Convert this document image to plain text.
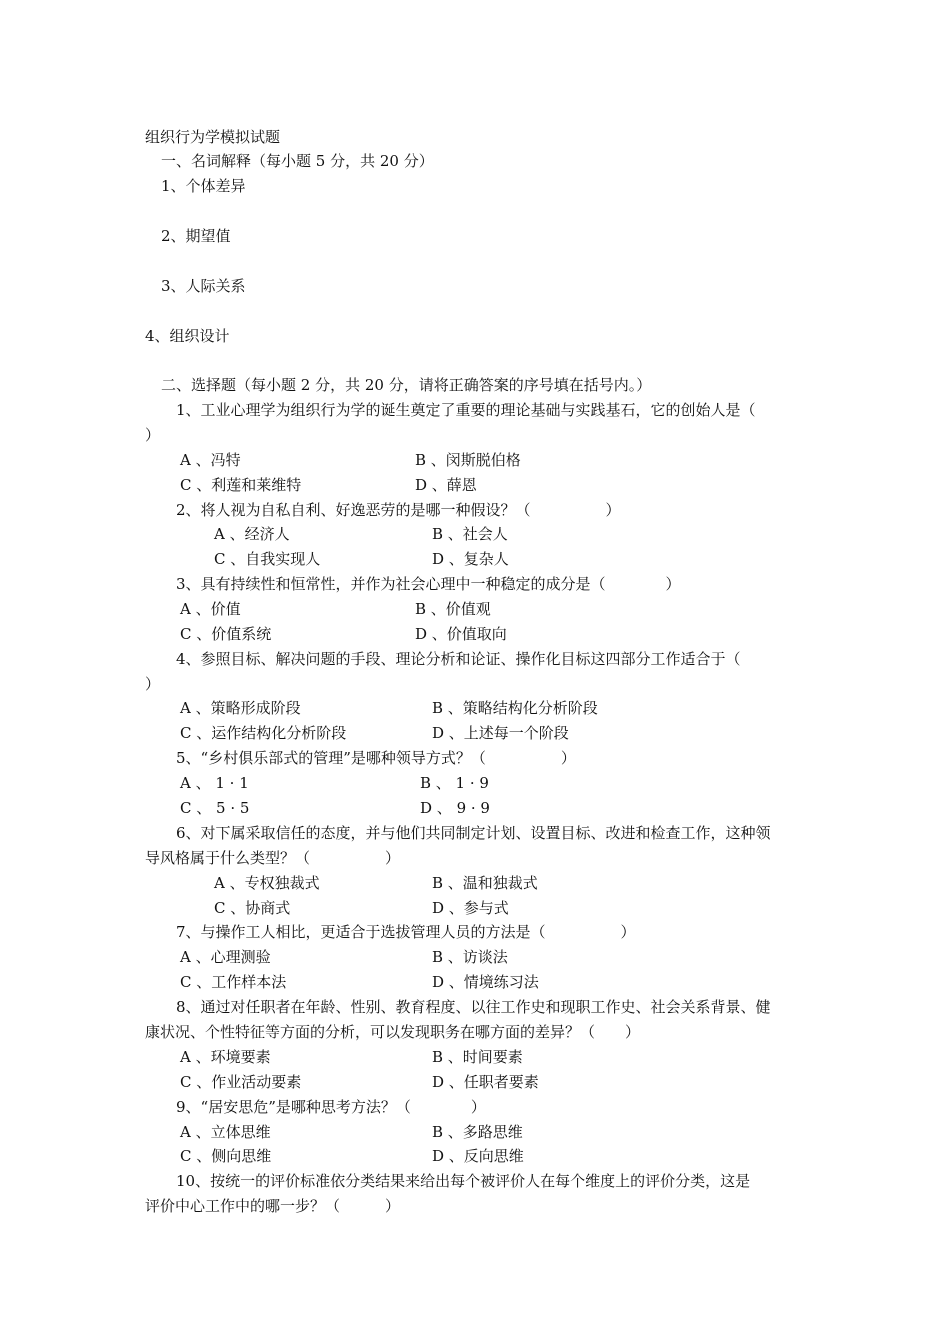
组织行为学模拟试题
一、名词解释（每小题 5 分，共 20 分）
1、个体差异
2、期望值
3、人际关系
4、组织设计
二、选择题（每小题 2 分，共 20 分，请将正确答案的序号填在括号内。）
1、工业心理学为组织行为学的诞生奠定了重要的理论基础与实践基石，它的创始人是（
）
A 、冯特	B 、闵斯脱伯格
C 、利莲和莱维特	D 、薛恩
2、将人视为自私自利、好逸恶劳的是哪一种假设？（　　　　　）
A 、经济人	B 、社会人
C 、自我实现人	D 、复杂人
3、具有持续性和恒常性，并作为社会心理中一种稳定的成分是（　　　　）
A 、价值	B 、价值观
C 、价值系统	D 、价值取向
4、参照目标、解决问题的手段、理论分析和论证、操作化目标这四部分工作适合于（
）
A 、策略形成阶段	B 、策略结构化分析阶段
C 、运作结构化分析阶段	D 、上述每一个阶段
5、“乡村俱乐部式的管理”是哪种领导方式？（　　　　　）
A 、 1 · 1	B 、 1 · 9
C 、 5 · 5	D 、 9 · 9
6、对下属采取信任的态度，并与他们共同制定计划、设置目标、改进和检查工作，这种领
导风格属于什么类型？（　　　　　）
A 、专权独裁式	B 、温和独裁式
C 、协商式	D 、参与式
7、与操作工人相比，更适合于选拔管理人员的方法是（　　　　　）
A 、心理测验	B 、访谈法
C 、工作样本法	D 、情境练习法
8、通过对任职者在年龄、性别、教育程度、以往工作史和现职工作史、社会关系背景、健
康状况、个性特征等方面的分析，可以发现职务在哪方面的差异？（　　）
A 、环境要素	B 、时间要素
C 、作业活动要素	D 、任职者要素
9、“居安思危”是哪种思考方法？（　　　　）
A 、立体思维	B 、多路思维
C 、侧向思维	D 、反向思维
10、按统一的评价标准依分类结果来给出每个被评价人在每个维度上的评价分类，这是
评价中心工作中的哪一步？（　　　）
